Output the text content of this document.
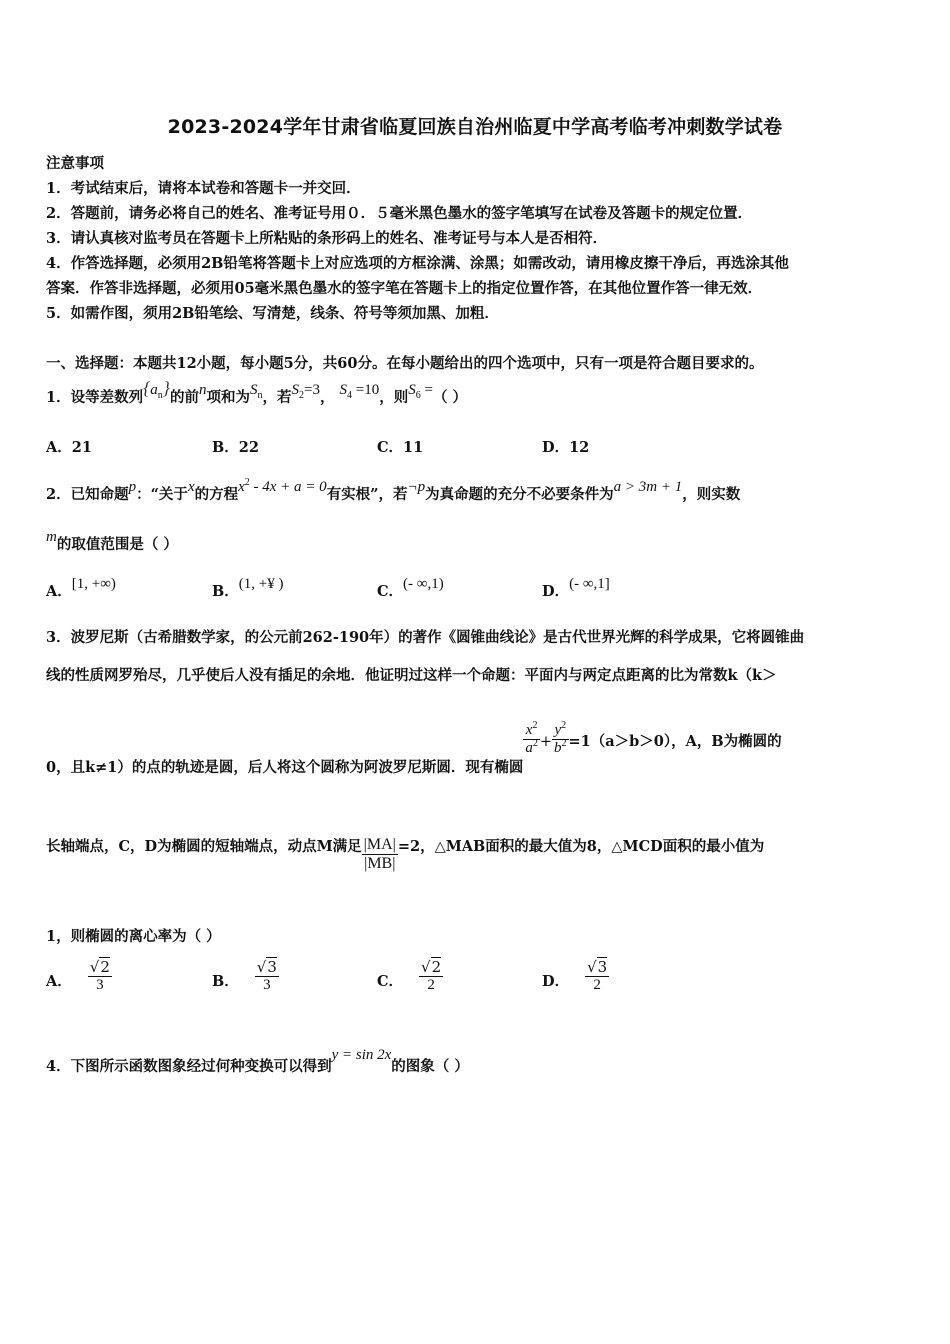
2023-2024学年甘肃省临夏回族自治州临夏中学高考临考冲刺数学试卷
注意事项
1．考试结束后，请将本试卷和答题卡一并交回．
2．答题前，请务必将自己的姓名、准考证号用０．５毫米黑色墨水的签字笔填写在试卷及答题卡的规定位置．
3．请认真核对监考员在答题卡上所粘贴的条形码上的姓名、准考证号与本人是否相符．
4．作答选择题，必须用2B铅笔将答题卡上对应选项的方框涂满、涂黑；如需改动，请用橡皮擦干净后，再选涂其他
答案．作答非选择题，必须用05毫米黑色墨水的签字笔在答题卡上的指定位置作答，在其他位置作答一律无效．
5．如需作图，须用2B铅笔绘、写清楚，线条、符号等须加黑、加粗．
一、选择题：本题共12小题，每小题5分，共60分。在每小题给出的四个选项中，只有一项是符合题目要求的。
1．设等差数列$\{a_n\}$的前n项和为$S_n$，若$S_2=3$， $S_4 =10$，则$S_6$ =（ ）
A．21	B．22	C．11	D．12
2．已知命题p：“关于x的方程$x^2 - 4x + a = 0$有实根”，若¬p为真命题的充分不必要条件为a > 3m + 1，则实数
m的取值范围是（ ）
A．[1, +∞)	B．(1, +¥ )	C．(- ∞,1)	D．(- ∞,1]
3．波罗尼斯（古希腊数学家，的公元前262-190年）的著作《圆锥曲线论》是古代世界光辉的科学成果，它将圆锥曲
线的性质网罗殆尽，几乎使后人没有插足的余地．他证明过这样一个命题：平面内与两定点距离的比为常数k（k＞
0，且k≠1）的点的轨迹是圆，后人将这个圆称为阿波罗尼斯圆．现有椭圆
$\frac{x^2}{a^2} + \frac{y^2}{b^2} =1(a>b>0)$，A，B为椭圆的
长轴端点，C，D为椭圆的短轴端点，动点M满足 $\frac{|MA|}{|MB|} =2$，△MAB面积的最大值为8，△MCD面积的最小值为
1，则椭圆的离心率为（ ）
A． $\frac{√2}{3}$	B． $\frac{√3}{3}$	C． $\frac{√2}{2}$	D． $\frac{√3}{2}$
4．下图所示函数图象经过何种变换可以得到y = sin 2x的图象（ ）
